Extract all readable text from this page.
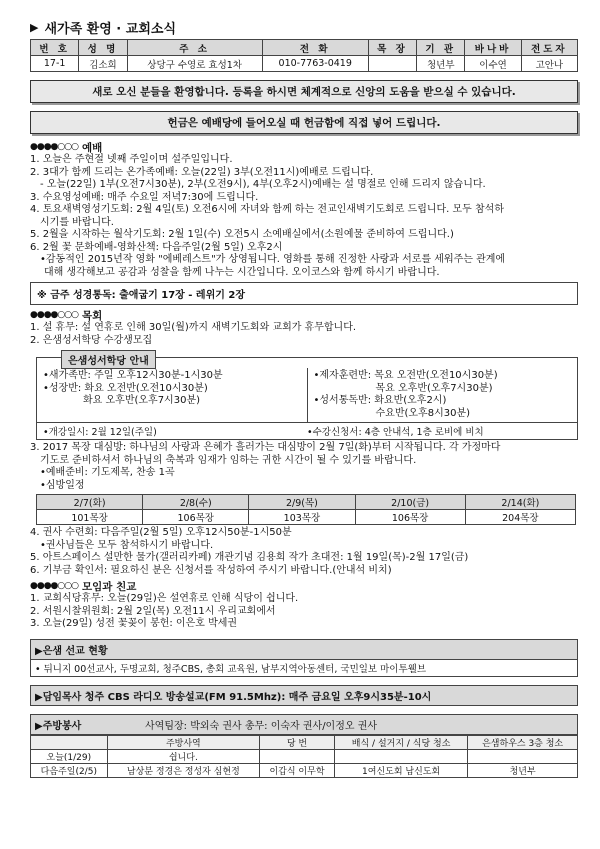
▶ 새가족 환영 · 교회소식
번 호	성 명	주 소	전 화	목 장	기 관	바나바	전도자
17-1	김소희	상당구 수영로 효성1차	010-7763-0419		청년부	이수연	고안나
새로 오신 분들을 환영합니다. 등록을 하시면 체계적으로 신앙의 도움을 받으실 수 있습니다.
헌금은 예배당에 들어오실 때 헌금함에 직접 넣어 드립니다.
●●●●○○○ 예배
1. 오늘은 주현절 넷째 주일이며 설주일입니다.
2. 3대가 함께 드리는 온가족예배: 오늘(22일) 3부(오전11시)예배로 드립니다.
- 오늘(22일) 1부(오전7시30분), 2부(오전9시), 4부(오후2시)예배는 설 명절로 인해 드리지 않습니다.
3. 수요영성예배: 매주 수요일 저녁7:30에 드립니다.
4. 토요새벽영성기도회: 2월 4일(토) 오전6시에 자녀와 함께 하는 전교인새벽기도회로 드립니다. 모두 참석하
시기를 바랍니다.
5. 2월을 시작하는 월삭기도회: 2월 1일(수) 오전5시 소예배실에서(소원예물 준비하여 드립니다.)
6. 2월 꽃 문화예배-영화산책: 다음주일(2월 5일) 오후2시
•감동적인 2015년작 영화 "에베레스트"가 상영됩니다. 영화를 통해 진정한 사랑과 서로를 세워주는 관계에
대해 생각해보고 공감과 성찰을 함께 나누는 시간입니다. 오이코스와 함께 하시기 바랍니다.
※ 금주 성경통독: 출애굽기 17장 - 레위기 2장
●●●●○○○ 목회
1. 설 휴무: 설 연휴로 인해 30일(월)까지 새벽기도회와 교회가 휴무합니다.
2. 은샘성서학당 수강생모집
은샘성서학당 안내
•새가족반: 주일 오후12시30분-1시30분
•성장반: 화요 오전반(오전10시30분)
화요 오후반(오후7시30분)
•제자훈련반: 목요 오전반(오전10시30분)
목요 오후반(오후7시30분)
•성서통독반: 화요반(오후2시)
수요반(오후8시30분)
•개강일시: 2월 12일(주일)	•수강신청서: 4층 안내석, 1층 로비에 비치
3. 2017 목장 대심방: 하나님의 사랑과 은혜가 흘러가는 대심방이 2월 7일(화)부터 시작됩니다. 각 가정마다
기도로 준비하셔서 하나님의 축복과 임재가 임하는 귀한 시간이 될 수 있기를 바랍니다.
•예배준비: 기도제목, 찬송 1곡
•심방일정
2/7(화)	2/8(수)	2/9(목)	2/10(금)	2/14(화)
101목장	106목장	103목장	106목장	204목장
4. 권사 수련회: 다음주일(2월 5일) 오후12시50분-1시50분
•권사님들은 모두 참석하시기 바랍니다.
5. 아트스페이스 설만한 물가(갤러리카페) 개관기념 김용희 작가 초대전: 1월 19일(목)-2월 17일(금)
6. 기부금 확인서: 필요하신 분은 신청서를 작성하여 주시기 바랍니다.(안내석 비치)
●●●●○○○ 모임과 친교
1. 교회식당휴무: 오늘(29일)은 설연휴로 인해 식당이 쉽니다.
2. 서원시찰위원회: 2월 2일(목) 오전11시 우리교회에서
3. 오늘(29일) 성전 꽃꽂이 봉헌: 이은호 박세권
▶은샘 선교 현황
• 뒤니지 00선교사, 두명교회, 청주CBS, 총회 교육원, 남부지역아동센터, 국민일보 마이투웰브
▶담임목사 청주 CBS 라디오 방송설교(FM 91.5Mhz): 매주 금요일 오후9시35분-10시
▶주방봉사	사역팀장: 박외숙 권사 총무: 이숙자 권사/이정오 권사
	주방사역	당 번	배식 / 설거지 / 식당 청소	은샘하우스 3층 청소
오늘(1/29)	쉽니다.			
다음주일(2/5)	남상분 정경은 정성자 심현정	이갑식 이무학	1여신도회 남신도회	청년부
